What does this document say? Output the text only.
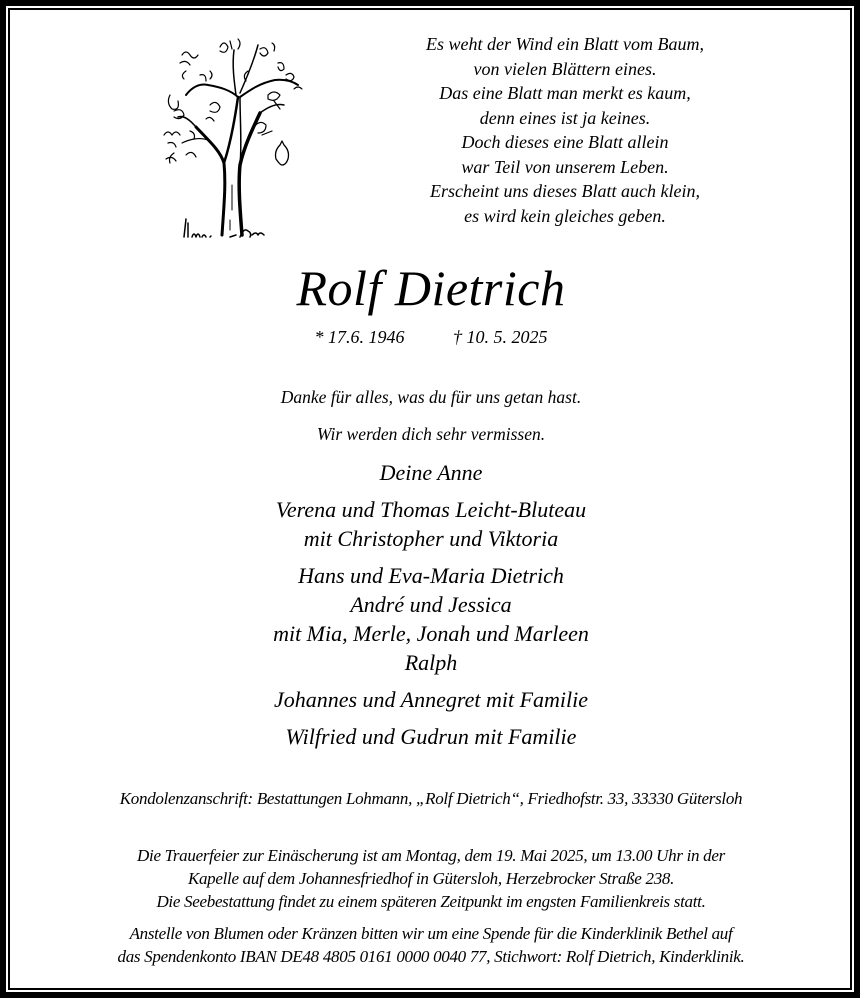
Es weht der Wind ein Blatt vom Baum,
von vielen Blättern eines.
Das eine Blatt man merkt es kaum,
denn eines ist ja keines.
Doch dieses eine Blatt allein
war Teil von unserem Leben.
Erscheint uns dieses Blatt auch klein,
es wird kein gleiches geben.
Rolf Dietrich
* 17.6. 1946	† 10. 5. 2025
Danke für alles, was du für uns getan hast.
Wir werden dich sehr vermissen.
Deine Anne
Verena und Thomas Leicht-Bluteau
mit Christopher und Viktoria
Hans und Eva-Maria Dietrich
André und Jessica
mit Mia, Merle, Jonah und Marleen
Ralph
Johannes und Annegret mit Familie
Wilfried und Gudrun mit Familie
Kondolenzanschrift: Bestattungen Lohmann, „Rolf Dietrich“, Friedhofstr. 33, 33330 Gütersloh
Die Trauerfeier zur Einäscherung ist am Montag, dem 19. Mai 2025, um 13.00 Uhr in der
Kapelle auf dem Johannesfriedhof in Gütersloh, Herzebrocker Straße 238.
Die Seebestattung findet zu einem späteren Zeitpunkt im engsten Familienkreis statt.
Anstelle von Blumen oder Kränzen bitten wir um eine Spende für die Kinderklinik Bethel auf
das Spendenkonto IBAN DE48 4805 0161 0000 0040 77, Stichwort: Rolf Dietrich, Kinderklinik.
